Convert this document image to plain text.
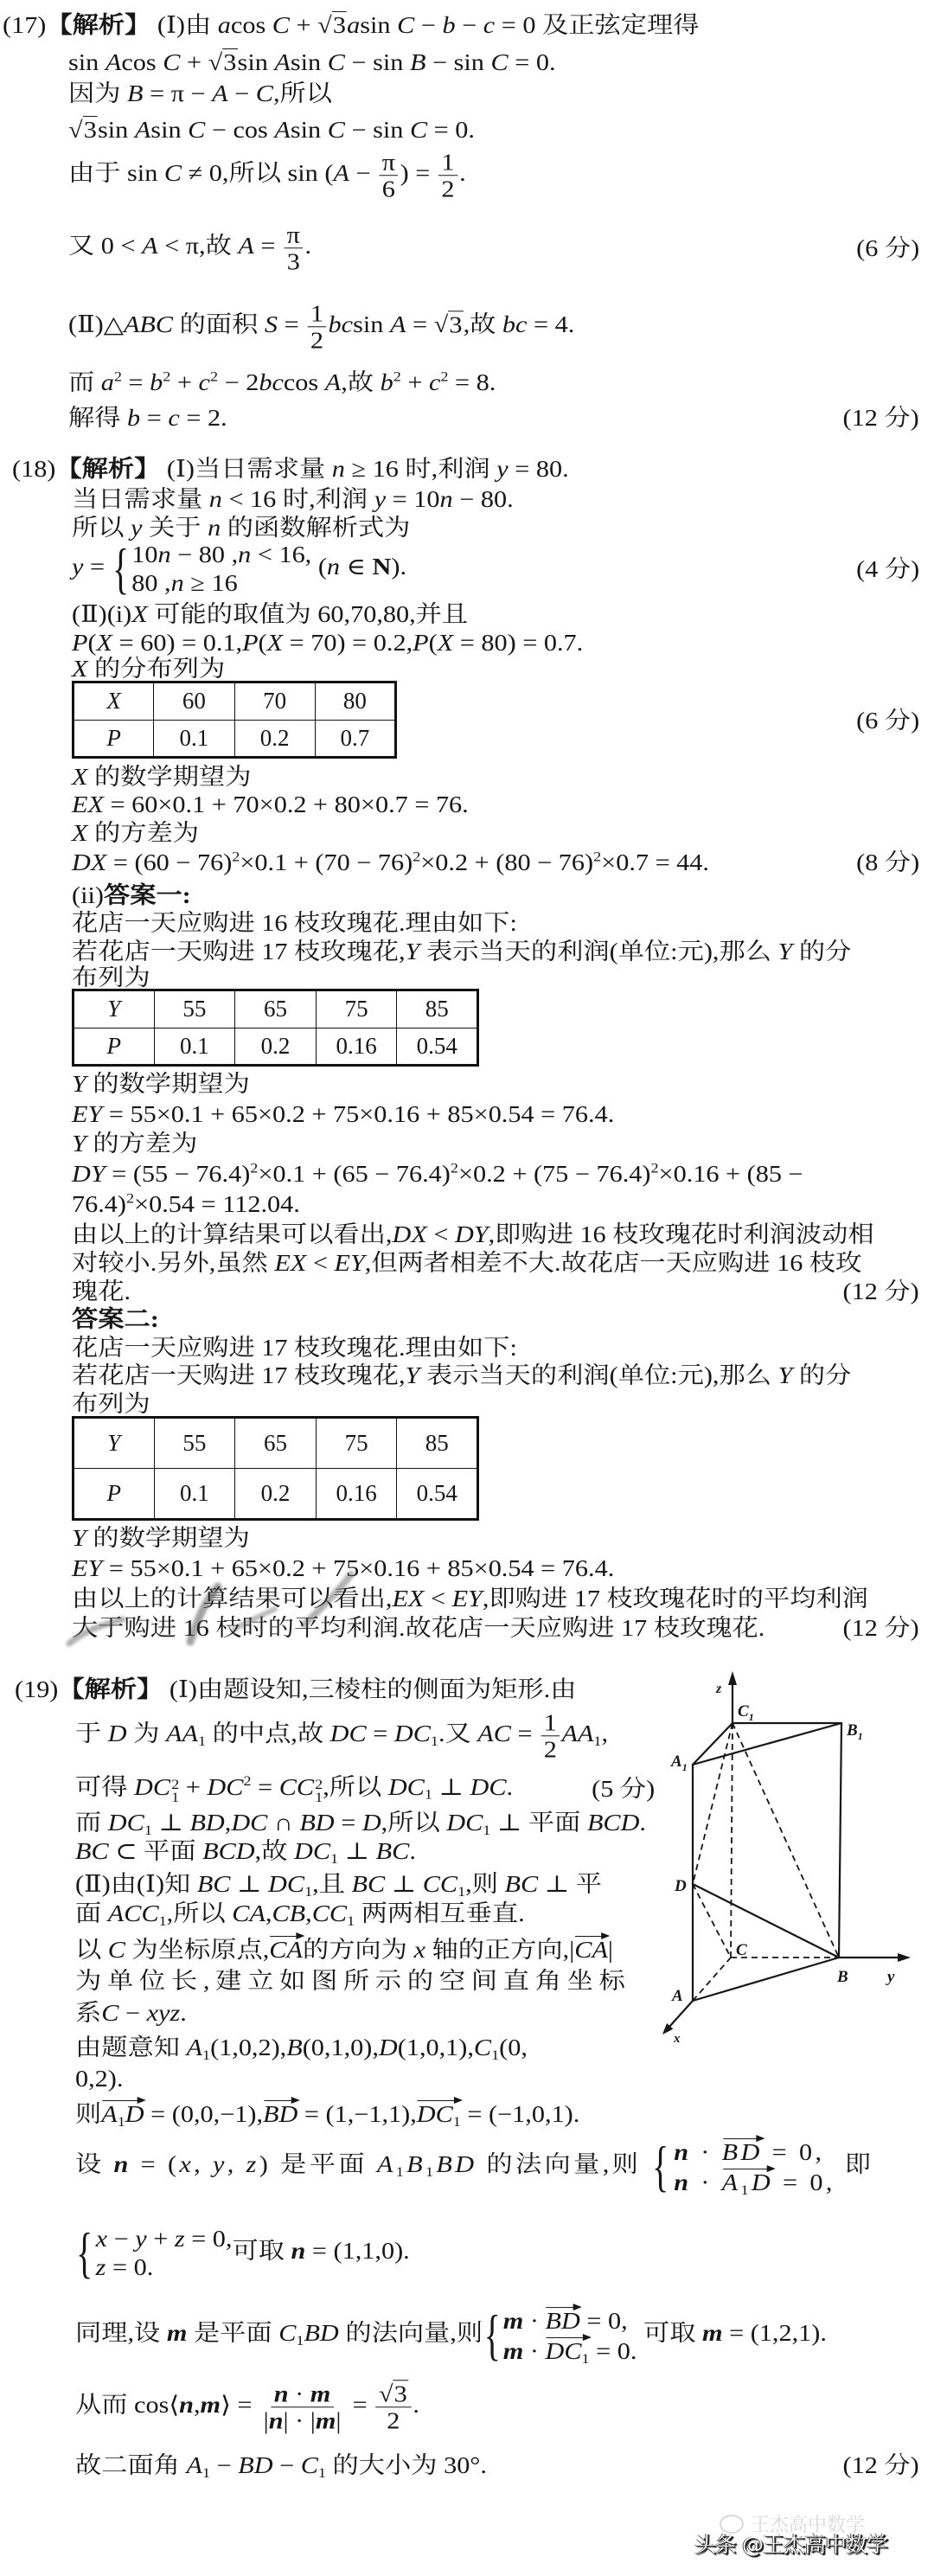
(17)【解析】 (Ⅰ)由 acos C + √3asin C − b − c = 0 及正弦定理得
sin Acos C + √3sin Asin C − sin B − sin C = 0.
因为 B = π − A − C,所以
√3sin Asin C − cos Asin C − sin C = 0.
由于 sin C ≠ 0,所以 $\sin (A - \frac{\pi}{6}$ ) = $\frac{1}{2}$ .
又 0 < A < π,故 $A = \frac{\pi}{3}$ .	(6 分)
(Ⅱ)△ABC 的面积 $S = \frac{1}{2}$ bcsin A = √3,故 bc = 4.
而 $a^2 = b^2 + c^2 - 2bccos$ A,故 $b^2 + c^2 = 8$.
解得 b = c = 2.	(12 分)
(18)【解析】 (Ⅰ)当日需求量 n ≥ 16 时,利润 y = 80.
当日需求量 n < 16 时,利润 y = 10n − 80.
所以 y 关于 n 的函数解析式为
y = { 10n − 80 ,n < 16,
80 ,n ≥ 16
(n ∈ N).	(4 分)
(Ⅱ)(i)X 可能的取值为 60,70,80,并且
P(X = 60) = 0.1,P(X = 70) = 0.2,P(X = 80) = 0.7.
X 的分布列为
X	60	70	80
P	0.1	0.2	0.7
(6 分)
X 的数学期望为
EX = 60×0.1 + 70×0.2 + 80×0.7 = 76.
X 的方差为
DX = $(60 - 76)^2\times 0.1 + (70 - 76)^2\times 0.2 + (80 - 76)^2\times 0.7 = 44$.	(8 分)
(ii)答案一:
花店一天应购进 16 枝玫瑰花.理由如下:
若花店一天购进 17 枝玫瑰花,Y 表示当天的利润(单位:元),那么 Y 的分
布列为
Y	55	65	75	85
P	0.1	0.2	0.16	0.54
Y 的数学期望为
EY = 55×0.1 + 65×0.2 + 75×0.16 + 85×0.54 = 76.4.
Y 的方差为
DY = $(55 - 76.4)^2\times 0.1 + (65 - 76.4)^2\times 0.2 + (75 - 76.4)^2\times 0.16 + (85$ −
76.4)$^2$×0.54 = 112.04.
由以上的计算结果可以看出,DX < DY,即购进 16 枝玫瑰花时利润波动相
对较小.另外,虽然 EX < EY,但两者相差不大.故花店一天应购进 16 枝玫
瑰花.	(12 分)
答案二:
花店一天应购进 17 枝玫瑰花.理由如下:
若花店一天购进 17 枝玫瑰花,Y 表示当天的利润(单位:元),那么 Y 的分
布列为
Y	55	65	75	85
P	0.1	0.2	0.16	0.54
Y 的数学期望为
EY = 55×0.1 + 65×0.2 + 75×0.16 + 85×0.54 = 76.4.
由以上的计算结果可以看出,EX < EY,即购进 17 枝玫瑰花时的平均利润
大于购进 16 枝时的平均利润.故花店一天应购进 17 枝玫瑰花.	(12 分)
(19)【解析】 (Ⅰ)由题设知,三棱柱的侧面为矩形.由
于 D 为 $AA_1$ 的中点,故 DC = $DC_1$.又 AC = $\frac{1}{2} AA_1$,
可得 DC 2
$1 + DC^2$ = CC 2
1 ,所以 $DC_1$ ⊥ DC.	(5 分)
而 $DC_1$ ⊥ BD,DC ∩ BD = D,所以 $DC_1$ ⊥ 平面 BCD.
BC ⊂ 平面 BCD,故 $DC_1$ ⊥ BC.
(Ⅱ)由(Ⅰ)知 BC ⊥ $DC_1$,且 BC ⊥ $CC_1$,则 BC ⊥ 平
面 $ACC_1$,所以 $CA,CB,CC_1$ 两两相互垂直.
以 C 为坐标原点,
CA的方向为 x 轴的正方向,|
CA|
为单位长,建立如图所示的空间直角坐标
系C − xyz.
由题意知 $A_1(1,0,2),B(0,1,0),D(1,0,1),C_1(0$,
0,2).
则
$A_1D = (0,0,-1)$,
BD = (1,−1,1),
$DC_1 = (-1,0,1)$.
设 n = (x, y, z) 是平面 $A_1B_1BD$ 的法向量,则 { n ·
BD = 0,
n ·
$A_1D = 0$,
即
{ x − y + z = 0,
z = 0.
可取 n = (1,1,0).
同理,设 m 是平面 $C_1BD$ 的法向量,则 { m ·
BD = 0,
m ·
$DC_1 = 0$.
可取 m = (1,2,1).
从而 cos⟨n,m⟩ = $\frac{n \cdot m}{|n| \cdot |m|} = \frac{√3}{2}$ .
故二面角 $A_1$ − BD − $C_1$ 的大小为 30°.	(12 分)
z
$C_1$
$B_1$
$A_1$
D
C
B y
A
x
王杰高中数学
头条 @王杰高中数学
